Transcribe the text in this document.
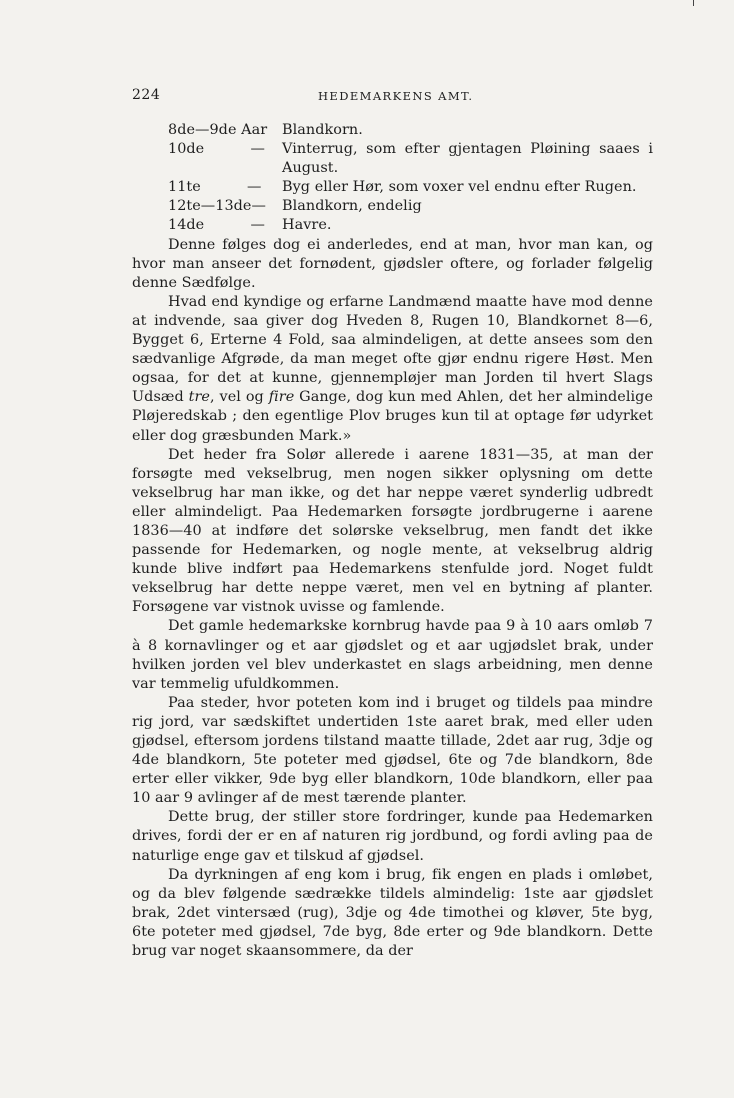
224	HEDEMARKENS AMT.
8de—9de Aar	Blandkorn.
10de          —	Vinterrug, som efter gjentagen Pløining saaes i August.
11te          —	Byg eller Hør, som voxer vel endnu efter Rugen.
12te—13de—	Blandkorn, endelig
14de          —	Havre.

Denne følges dog ei anderledes, end at man, hvor man kan, og hvor man anseer det fornødent, gjødsler oftere, og forlader følgelig denne Sædfølge.

Hvad end kyndige og erfarne Landmænd maatte have mod denne at indvende, saa giver dog Hveden 8, Rugen 10, Blandkornet 8—6, Bygget 6, Erterne 4 Fold, saa almindeligen, at dette ansees som den sædvanlige Afgrøde, da man meget ofte gjør endnu rigere Høst. Men ogsaa, for det at kunne, gjennempløjer man Jorden til hvert Slags Udsæd tre, vel og fire Gange, dog kun med Ahlen, det her almindelige Pløjeredskab ; den egentlige Plov bruges kun til at optage før udyrket eller dog græsbunden Mark.»

Det heder fra Solør allerede i aarene 1831—35, at man der forsøgte med vekselbrug, men nogen sikker oplysning om dette vekselbrug har man ikke, og det har neppe været synderlig udbredt eller almindeligt. Paa Hedemarken forsøgte jordbrugerne i aarene 1836—40 at indføre det solørske vekselbrug, men fandt det ikke passende for Hedemarken, og nogle mente, at vekselbrug aldrig kunde blive indført paa Hedemarkens stenfulde jord. Noget fuldt vekselbrug har dette neppe været, men vel en bytning af planter. Forsøgene var vistnok uvisse og famlende.

Det gamle hedemarkske kornbrug havde paa 9 à 10 aars omløb 7 à 8 kornavlinger og et aar gjødslet og et aar ugjødslet brak, under hvilken jorden vel blev underkastet en slags arbeidning, men denne var temmelig ufuldkommen.

Paa steder, hvor poteten kom ind i bruget og tildels paa mindre rig jord, var sædskiftet undertiden 1ste aaret brak, med eller uden gjødsel, eftersom jordens tilstand maatte tillade, 2det aar rug, 3dje og 4de blandkorn, 5te poteter med gjødsel, 6te og 7de blandkorn, 8de erter eller vikker, 9de byg eller blandkorn, 10de blandkorn, eller paa 10 aar 9 avlinger af de mest tærende planter.

Dette brug, der stiller store fordringer, kunde paa Hedemarken drives, fordi der er en af naturen rig jordbund, og fordi avling paa de naturlige enge gav et tilskud af gjødsel.

Da dyrkningen af eng kom i brug, fik engen en plads i omløbet, og da blev følgende sædrække tildels almindelig: 1ste aar gjødslet brak, 2det vintersæd (rug), 3dje og 4de timothei og kløver, 5te byg, 6te poteter med gjødsel, 7de byg, 8de erter og 9de blandkorn. Dette brug var noget skaansommere, da der
